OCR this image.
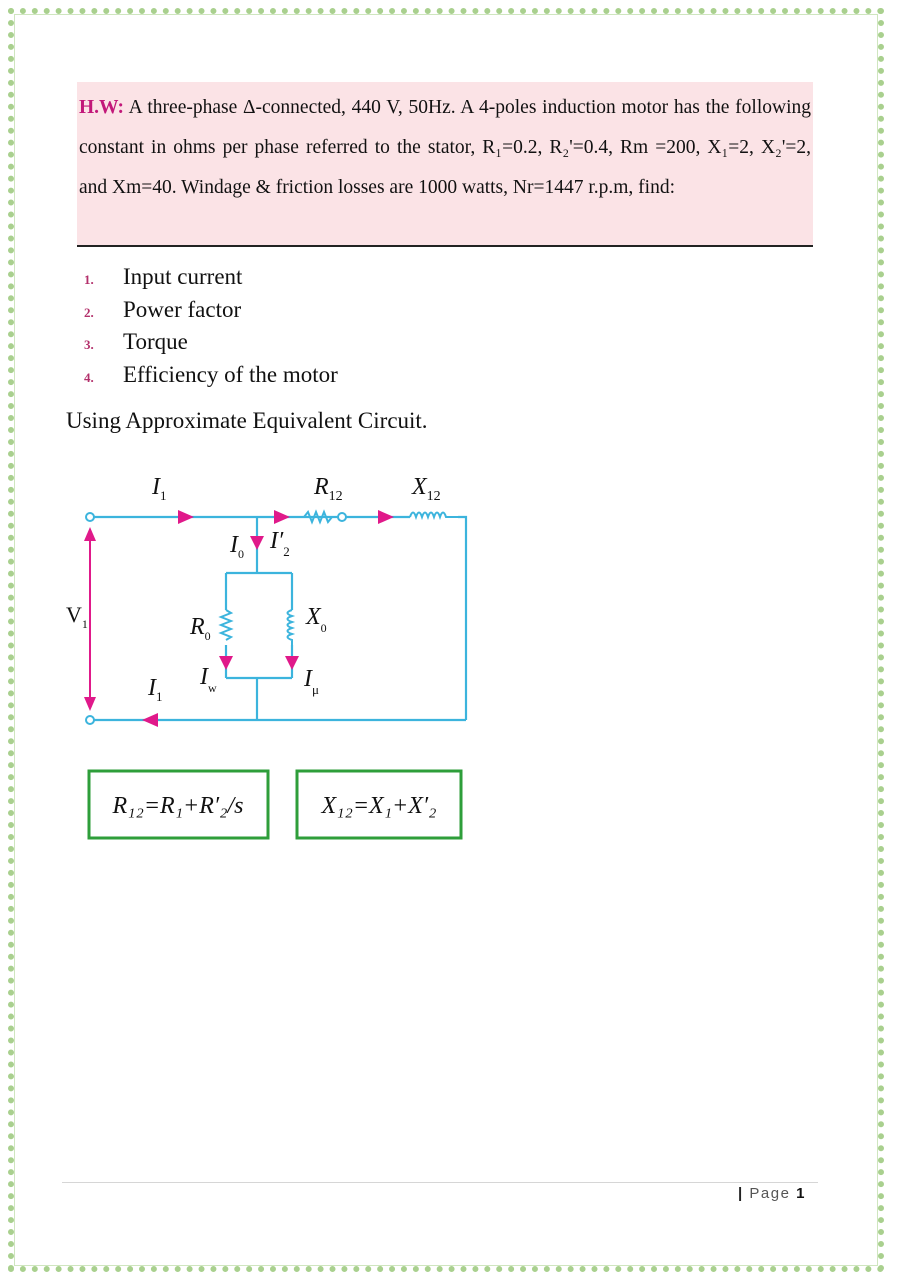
H.W: A three-phase Δ-connected, 440 V, 50Hz. A 4-poles induction motor has the following constant in ohms per phase referred to the stator, R₁=0.2, R₂'=0.4, Rm =200, X₁=2, X₂'=2, and Xm=40. Windage & friction losses are 1000 watts, Nr=1447 r.p.m, find:
1.	Input current
2.	Power factor
3.	Torque
4.	Efficiency of the motor
Using Approximate Equivalent Circuit.
$I_1$
$I_1$
$R_{12}$	$X_{12}$
$I_0$ $I'_2$
$R_0$
$X_0$
$I_w$	$I_\mu$
$V_1$
R₁₂=R₁+R′₂/s	X₁₂=X₁+X′₂
| Page 1
